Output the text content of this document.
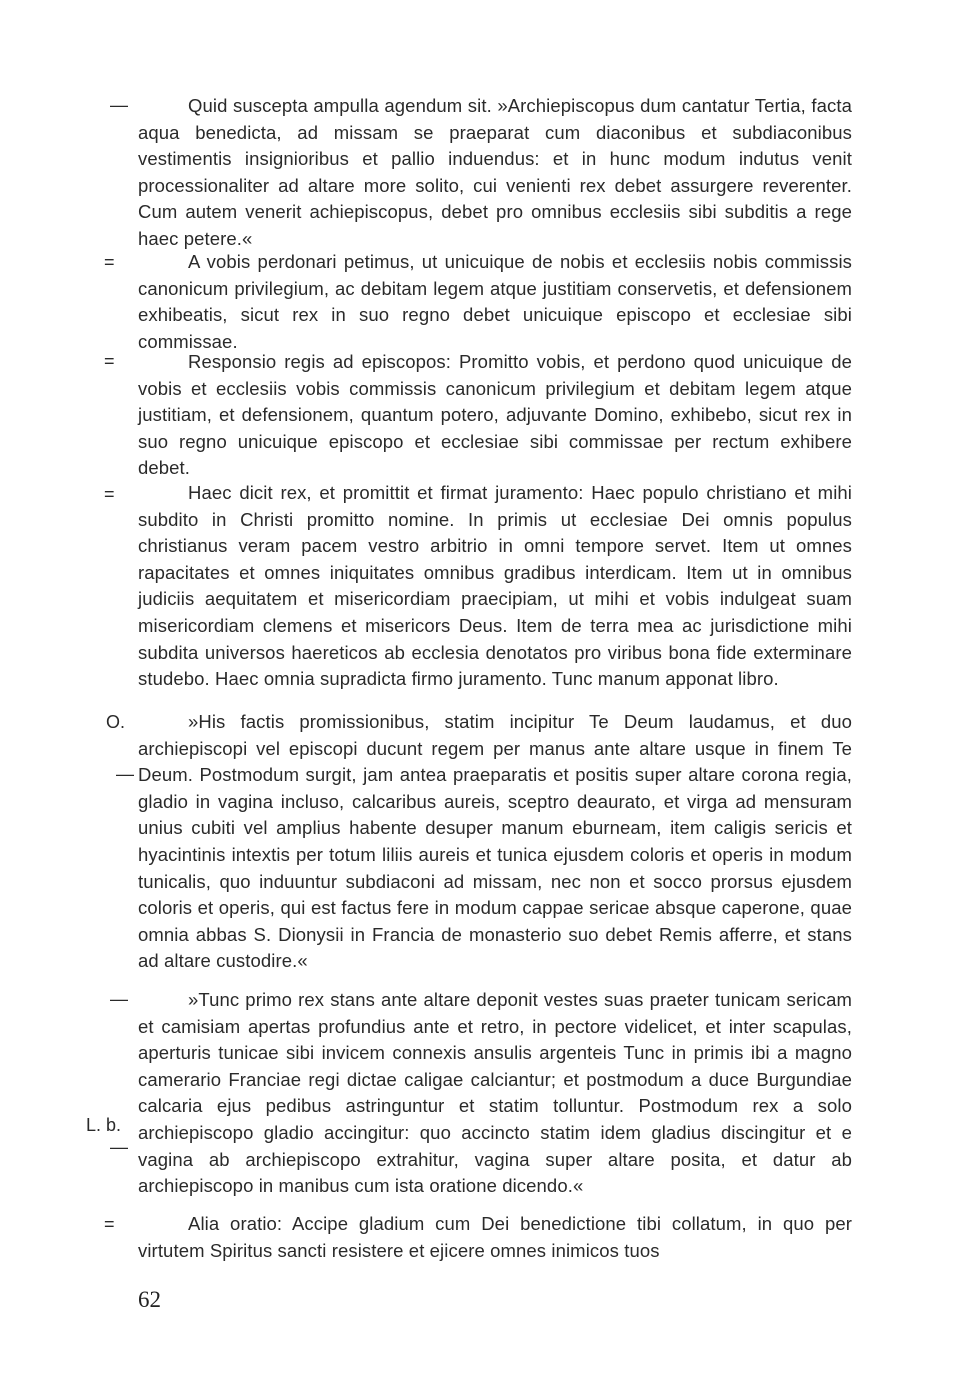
—
=
=
=
O.
—
—
L. b.
—
=

Quid suscepta ampulla agendum sit. »Archiepiscopus dum cantatur Tertia, facta aqua benedicta, ad missam se praeparat cum diaconibus et subdiaconibus vestimentis insignioribus et pallio induendus: et in hunc modum indutus venit processionaliter ad altare more solito, cui venienti rex debet assurgere reverenter. Cum autem venerit achiepiscopus, debet pro omnibus ecclesiis sibi subditis a rege haec petere.«

A vobis perdonari petimus, ut unicuique de nobis et ecclesiis nobis commissis canonicum privilegium, ac debitam legem atque justitiam conservetis, et defensionem exhibeatis, sicut rex in suo regno debet unicuique episcopo et ecclesiae sibi commissae.

Responsio regis ad episcopos: Promitto vobis, et perdono quod unicuique de vobis et ecclesiis vobis commissis canonicum privilegium et debitam legem atque justitiam, et defensionem, quantum potero, adjuvante Domino, exhibebo, sicut rex in suo regno unicuique episcopo et ecclesiae sibi commissae per rectum exhibere debet.

Haec dicit rex, et promittit et firmat juramento: Haec populo christiano et mihi subdito in Christi promitto nomine. In primis ut ecclesiae Dei omnis populus christianus veram pacem vestro arbitrio in omni tempore servet. Item ut omnes rapacitates et omnes iniquitates omnibus gradibus interdicam. Item ut in omnibus judiciis aequitatem et misericordiam praecipiam, ut mihi et vobis indulgeat suam misericordiam clemens et misericors Deus. Item de terra mea ac jurisdictione mihi subdita universos haereticos ab ecclesia denotatos pro viribus bona fide exterminare studebo. Haec omnia supradicta firmo juramento. Tunc manum apponat libro.

»His factis promissionibus, statim incipitur Te Deum laudamus, et duo archiepiscopi vel episcopi ducunt regem per manus ante altare usque in finem Te Deum. Postmodum surgit, jam antea praeparatis et positis super altare corona regia, gladio in vagina incluso, calcaribus aureis, sceptro deaurato, et virga ad mensuram unius cubiti vel amplius habente desuper manum eburneam, item caligis sericis et hyacintinis intextis per totum liliis aureis et tunica ejusdem coloris et operis in modum tunicalis, quo induuntur subdiaconi ad missam, nec non et socco prorsus ejusdem coloris et operis, qui est factus fere in modum cappae sericae absque caperone, quae omnia abbas S. Dionysii in Francia de monasterio suo debet Remis afferre, et stans ad altare custodire.«

»Tunc primo rex stans ante altare deponit vestes suas praeter tunicam sericam et camisiam apertas profundius ante et retro, in pectore videlicet, et inter scapulas, aperturis tunicae sibi invicem connexis ansulis argenteis Tunc in primis ibi a magno camerario Franciae regi dictae caligae calciantur; et postmodum a duce Burgundiae calcaria ejus pedibus astringuntur et statim tolluntur. Postmodum rex a solo archiepiscopo gladio accingitur: quo accincto statim idem gladius discingitur et e vagina ab archiepiscopo extrahitur, vagina super altare posita, et datur ab archiepiscopo in manibus cum ista oratione dicendo.«

Alia oratio: Accipe gladium cum Dei benedictione tibi collatum, in quo per virtutem Spiritus sancti resistere et ejicere omnes inimicos tuos

62
